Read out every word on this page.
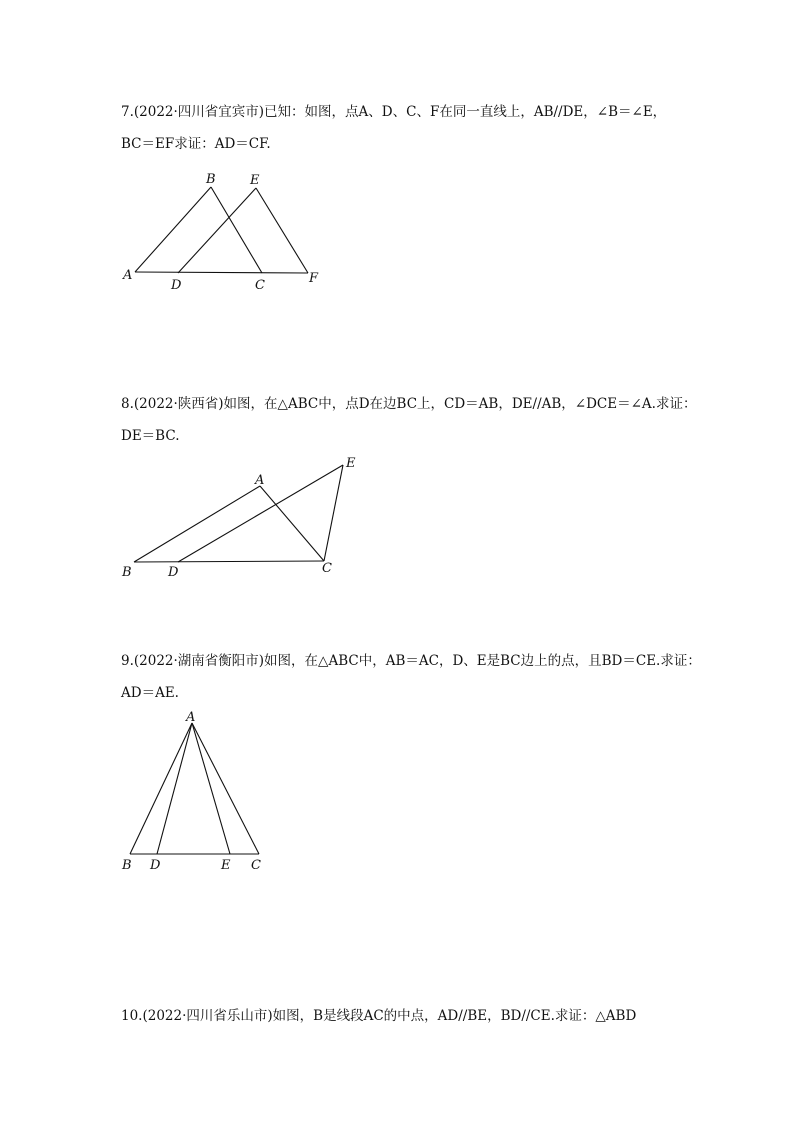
7.(2022·四川省宜宾市)已知：如图，点A、D、C、F在同一直线上，AB//DE，∠B＝∠E，
BC＝EF求证：AD＝CF.
A
B
C
D
E
F
8.(2022·陕西省)如图，在△ABC中，点D在边BC上，CD＝AB，DE//AB，∠DCE＝∠A.求证：
DE＝BC.
A
B	C
D
E
9.(2022·湖南省衡阳市)如图，在△ABC中，AB＝AC，D、E是BC边上的点，且BD＝CE.求证：
AD＝AE.
A
B D	E C
10.(2022·四川省乐山市)如图，B是线段AC的中点，AD//BE，BD//CE.求证：△ABD
